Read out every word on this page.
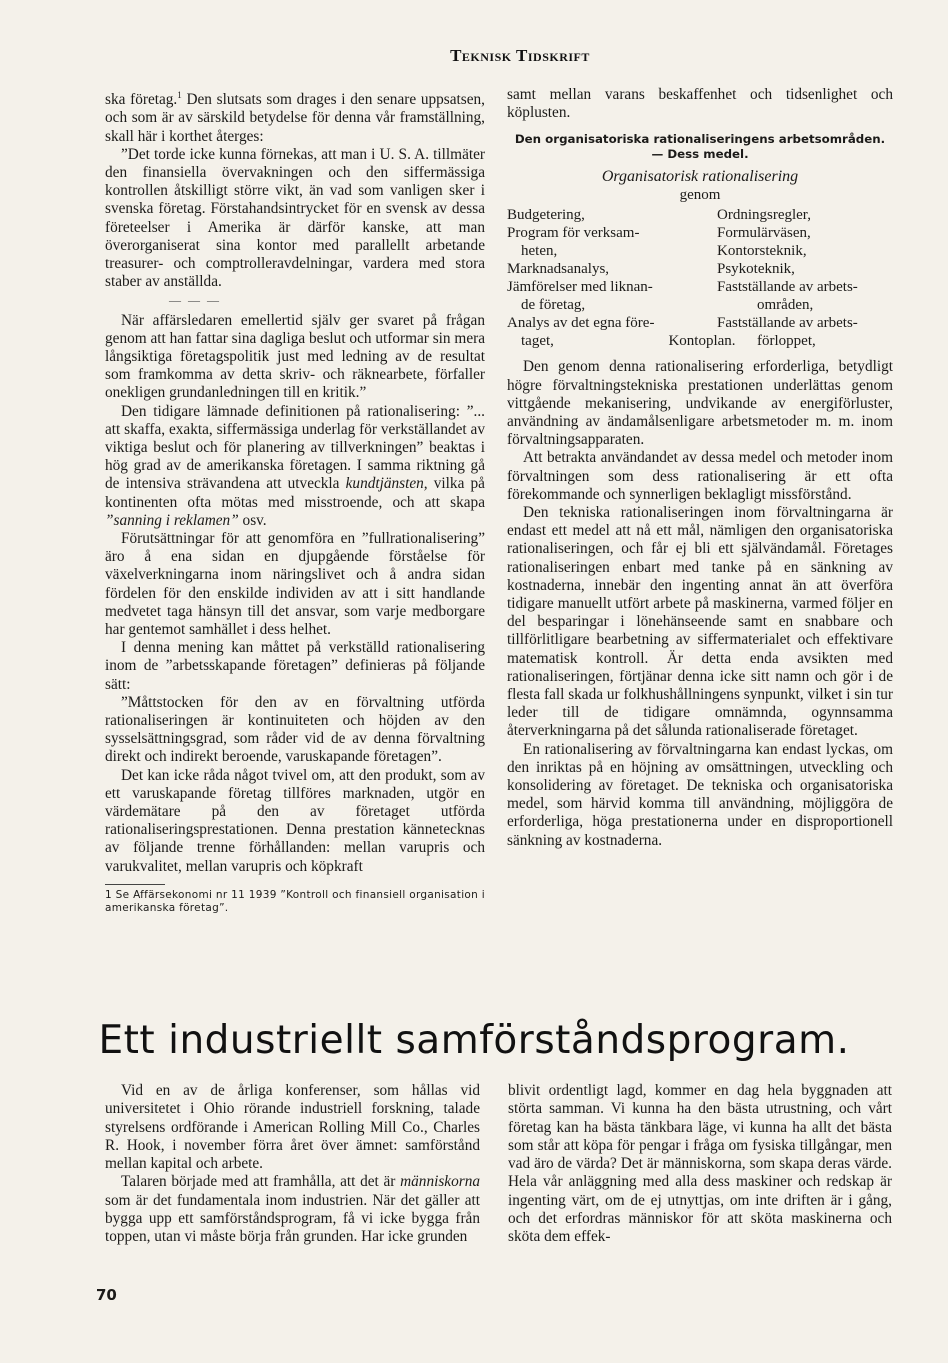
Teknisk Tidskrift

ska företag.$^1$ Den slutsats som drages i den senare uppsatsen, och som är av särskild betydelse för denna vår framställning, skall här i korthet återges:

”Det torde icke kunna förnekas, att man i U. S. A. tillmäter den finansiella övervakningen och den siffermässiga kontrollen åtskilligt större vikt, än vad som vanligen sker i svenska företag. Förstahandsintrycket för en svensk av dessa företeelser i Amerika är därför kanske, att man överorganiserat sina kontor med parallellt arbetande treasurer- och comptrolleravdelningar, vardera med stora staber av anställda.

— — —

När affärsledaren emellertid själv ger svaret på frågan genom att han fattar sina dagliga beslut och utformar sin mera långsiktiga företagspolitik just med ledning av de resultat som framkomma av detta skriv- och räknearbete, förfaller onekligen grundanledningen till en kritik.”

Den tidigare lämnade definitionen på rationalisering: ”... att skaffa, exakta, siffermässiga underlag för verkställandet av viktiga beslut och för planering av tillverkningen” beaktas i hög grad av de amerikanska företagen. I samma riktning gå de intensiva strävandena att utveckla kundtjänsten, vilka på kontinenten ofta mötas med misstroende, och att skapa ”sanning i reklamen” osv.

Förutsättningar för att genomföra en ”fullrationalisering” äro å ena sidan en djupgående förståelse för växelverkningarna inom näringslivet och å andra sidan fördelen för den enskilde individen av att i sitt handlande medvetet taga hänsyn till det ansvar, som varje medborgare har gentemot samhället i dess helhet.

I denna mening kan måttet på verkställd rationalisering inom de ”arbetsskapande företagen” definieras på följande sätt:

”Måttstocken för den av en förvaltning utförda rationaliseringen är kontinuiteten och höjden av den sysselsättningsgrad, som råder vid de av denna förvaltning direkt och indirekt beroende, varuskapande företagen”.

Det kan icke råda något tvivel om, att den produkt, som av ett varuskapande företag tillföres marknaden, utgör en värdemätare på den av företaget utförda rationaliseringsprestationen. Denna prestation kännetecknas av följande trenne förhållanden: mellan varupris och varukvalitet, mellan varupris och köpkraft

1 Se Affärsekonomi nr 11 1939 ”Kontroll och finansiell organisation i amerikanska företag”.

samt mellan varans beskaffenhet och tidsenlighet och köplusten.

Den organisatoriska rationaliseringens arbetsområden. — Dess medel.
Organisatorisk rationalisering
genom
Budgetering,
Program för verksam-
heten,
Marknadsanalys,
Jämförelser med liknan-
de företag,
Analys av det egna före-
taget,
Ordningsregler,
Formulärväsen,
Kontorsteknik,
Psykoteknik,
Fastställande av arbets-
områden,
Fastställande av arbets-
förloppet,
Kontoplan.

Den genom denna rationalisering erforderliga, betydligt högre förvaltningstekniska prestationen underlättas genom vittgående mekanisering, undvikande av energiförluster, användning av ändamålsenligare arbetsmetoder m. m. inom förvaltningsapparaten.

Att betrakta användandet av dessa medel och metoder inom förvaltningen som dess rationalisering är ett ofta förekommande och synnerligen beklagligt missförstånd.

Den tekniska rationaliseringen inom förvaltningarna är endast ett medel att nå ett mål, nämligen den organisatoriska rationaliseringen, och får ej bli ett självändamål. Företages rationaliseringen enbart med tanke på en sänkning av kostnaderna, innebär den ingenting annat än att överföra tidigare manuellt utfört arbete på maskinerna, varmed följer en del besparingar i lönehänseende samt en snabbare och tillförlitligare bearbetning av siffermaterialet och effektivare matematisk kontroll. Är detta enda avsikten med rationaliseringen, förtjänar denna icke sitt namn och gör i de flesta fall skada ur folkhushållningens synpunkt, vilket i sin tur leder till de tidigare omnämnda, ogynnsamma återverkningarna på det sålunda rationaliserade företaget.

En rationalisering av förvaltningarna kan endast lyckas, om den inriktas på en höjning av omsättningen, utveckling och konsolidering av företaget. De tekniska och organisatoriska medel, som härvid komma till användning, möjliggöra de erforderliga, höga prestationerna under en disproportionell sänkning av kostnaderna.

Ett industriellt samförståndsprogram.

Vid en av de årliga konferenser, som hållas vid universitetet i Ohio rörande industriell forskning, talade styrelsens ordförande i American Rolling Mill Co., Charles R. Hook, i november förra året över ämnet: samförstånd mellan kapital och arbete.

Talaren började med att framhålla, att det är människorna som är det fundamentala inom industrien. När det gäller att bygga upp ett samförståndsprogram, få vi icke bygga från toppen, utan vi måste börja från grunden. Har icke grunden

blivit ordentligt lagd, kommer en dag hela byggnaden att störta samman. Vi kunna ha den bästa utrustning, och vårt företag kan ha bästa tänkbara läge, vi kunna ha allt det bästa som står att köpa för pengar i fråga om fysiska tillgångar, men vad äro de värda? Det är människorna, som skapa deras värde. Hela vår anläggning med alla dess maskiner och redskap är ingenting värt, om de ej utnyttjas, om inte driften är i gång, och det erfordras människor för att sköta maskinerna och sköta dem effek-

70
